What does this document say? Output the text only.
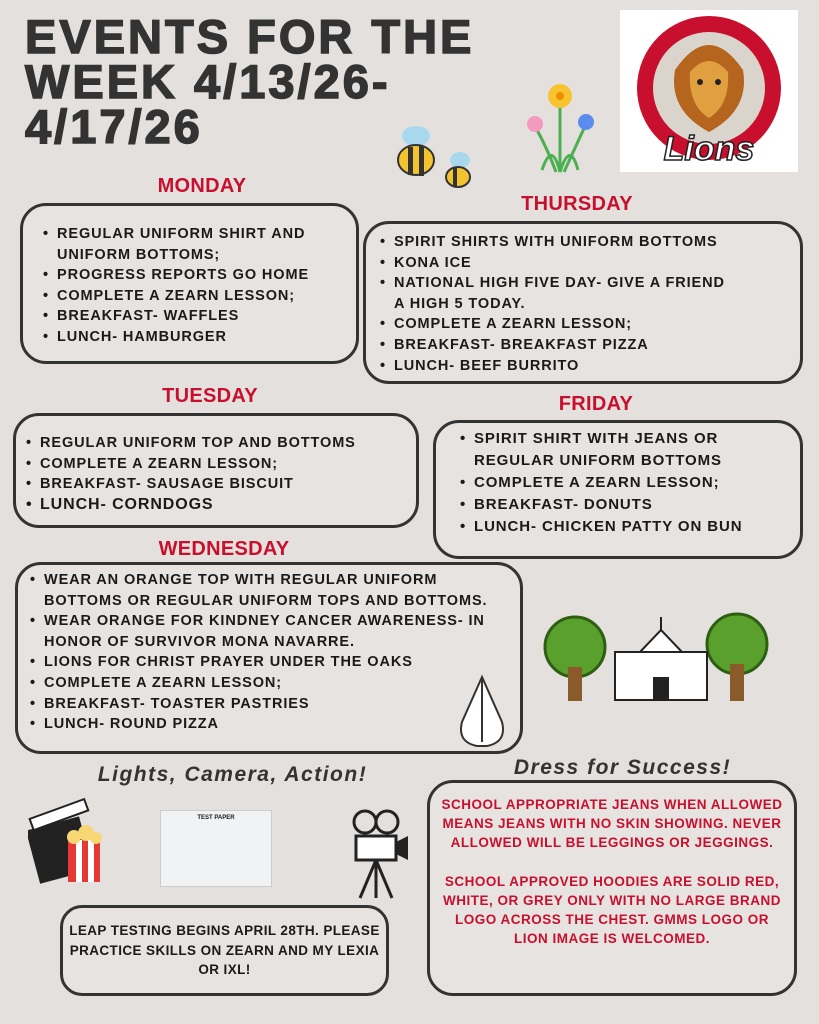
EVENTS FOR THE
WEEK 4/13/26-
4/17/26	Lions
MONDAY
• REGULAR UNIFORM SHIRT AND UNIFORM BOTTOMS;
• PROGRESS REPORTS GO HOME
• COMPLETE A ZEARN LESSON;
• BREAKFAST- WAFFLES
• LUNCH- HAMBURGER
THURSDAY
• SPIRIT SHIRTS WITH UNIFORM BOTTOMS
• KONA ICE
• NATIONAL HIGH FIVE DAY- GIVE A FRIEND A HIGH 5 TODAY.
• COMPLETE A ZEARN LESSON;
• BREAKFAST- BREAKFAST PIZZA
• LUNCH- BEEF BURRITO
TUESDAY
• REGULAR UNIFORM TOP AND BOTTOMS
• COMPLETE A ZEARN LESSON;
• BREAKFAST- SAUSAGE BISCUIT
• LUNCH- CORNDOGS
FRIDAY
• SPIRIT SHIRT WITH JEANS OR REGULAR UNIFORM BOTTOMS
• COMPLETE A ZEARN LESSON;
• BREAKFAST- DONUTS
• LUNCH- CHICKEN PATTY ON BUN
WEDNESDAY
• WEAR AN ORANGE TOP WITH REGULAR UNIFORM BOTTOMS OR REGULAR UNIFORM TOPS AND BOTTOMS.
• WEAR ORANGE FOR KINDNEY CANCER AWARENESS- IN HONOR OF SURVIVOR MONA NAVARRE.
• LIONS FOR CHRIST PRAYER UNDER THE OAKS
• COMPLETE A ZEARN LESSON;
• BREAKFAST- TOASTER PASTRIES
• LUNCH- ROUND PIZZA
Lights, Camera, Action!	Dress for Success!
TEST PAPER

LEAP TESTING BEGINS APRIL 28TH. PLEASE PRACTICE SKILLS ON ZEARN AND MY LEXIA OR IXL!

SCHOOL APPROPRIATE JEANS WHEN ALLOWED MEANS JEANS WITH NO SKIN SHOWING. NEVER ALLOWED WILL BE LEGGINGS OR JEGGINGS.

SCHOOL APPROVED HOODIES ARE SOLID RED, WHITE, OR GREY ONLY WITH NO LARGE BRAND LOGO ACROSS THE CHEST. GMMS LOGO OR LION IMAGE IS WELCOMED.
